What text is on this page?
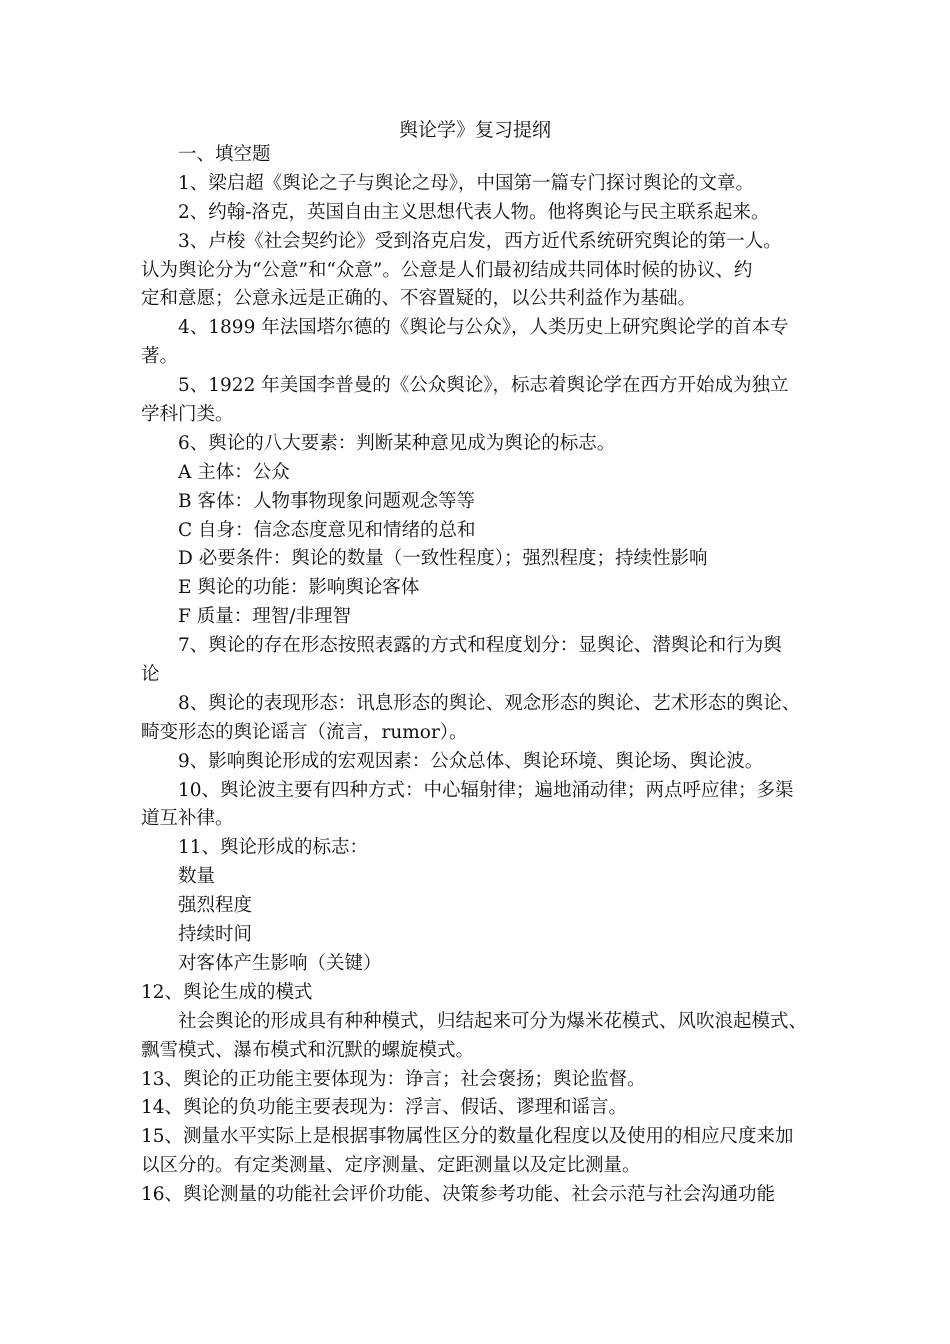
舆论学》复习提纲
一、填空题
1、梁启超《舆论之子与舆论之母》，中国第一篇专门探讨舆论的文章。
2、约翰-洛克，英国自由主义思想代表人物。他将舆论与民主联系起来。
3、卢梭《社会契约论》受到洛克启发，西方近代系统研究舆论的第一人。
认为舆论分为“公意”和“众意”。公意是人们最初结成共同体时候的协议、约
定和意愿；公意永远是正确的、不容置疑的，以公共利益作为基础。
4、1899 年法国塔尔德的《舆论与公众》，人类历史上研究舆论学的首本专
著。
5、1922 年美国李普曼的《公众舆论》，标志着舆论学在西方开始成为独立
学科门类。
6、舆论的八大要素：判断某种意见成为舆论的标志。
A 主体：公众
B 客体：人物事物现象问题观念等等
C 自身：信念态度意见和情绪的总和
D 必要条件：舆论的数量（一致性程度）；强烈程度；持续性影响
E 舆论的功能：影响舆论客体
F 质量：理智/非理智
7、舆论的存在形态按照表露的方式和程度划分：显舆论、潜舆论和行为舆
论
8、舆论的表现形态：讯息形态的舆论、观念形态的舆论、艺术形态的舆论、
畸变形态的舆论谣言（流言，rumor）。
9、影响舆论形成的宏观因素：公众总体、舆论环境、舆论场、舆论波。
10、舆论波主要有四种方式：中心辐射律；遍地涌动律；两点呼应律；多渠
道互补律。
11、舆论形成的标志：
数量
强烈程度
持续时间
对客体产生影响（关键）
12、舆论生成的模式
社会舆论的形成具有种种模式，归结起来可分为爆米花模式、风吹浪起模式、
飘雪模式、瀑布模式和沉默的螺旋模式。
13、舆论的正功能主要体现为：诤言；社会褒扬；舆论监督。
14、舆论的负功能主要表现为：浮言、假话、谬理和谣言。
15、测量水平实际上是根据事物属性区分的数量化程度以及使用的相应尺度来加
以区分的。有定类测量、定序测量、定距测量以及定比测量。
16、舆论测量的功能社会评价功能、决策参考功能、社会示范与社会沟通功能
